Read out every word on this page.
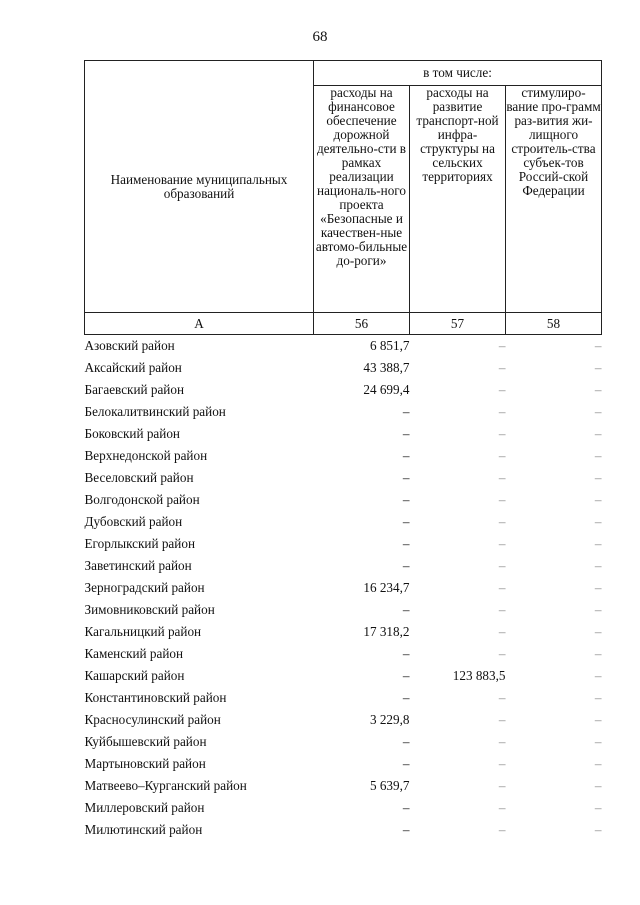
68
Наименование муниципальных образований	в том числе:		
	расходы на финансовое обеспечение дорожной деятельно-сти в рамках реализации националь-ного проекта «Безопасные и качествен-ные автомо-бильные до-роги»	расходы на развитие транспорт-ной инфра-структуры на сельских территориях	стимулиро-вание про-грамм раз-вития жи-лищного строитель-ства субъек-тов Россий-ской Федерации
А	56	57	58
Азовский район	6 851,7	–	–
Аксайский район	43 388,7	–	–
Багаевский район	24 699,4	–	–
Белокалитвинский район	–	–	–
Боковский район	–	–	–
Верхнедонской район	–	–	–
Веселовский район	–	–	–
Волгодонской район	–	–	–
Дубовский район	–	–	–
Егорлыкский район	–	–	–
Заветинский район	–	–	–
Зерноградский район	16 234,7	–	–
Зимовниковский район	–	–	–
Кагальницкий район	17 318,2	–	–
Каменский район	–	–	–
Кашарский район	–	123 883,5	–
Константиновский район	–	–	–
Красносулинский район	3 229,8	–	–
Куйбышевский район	–	–	–
Мартыновский район	–	–	–
Матвеево–Курганский район	5 639,7	–	–
Миллеровский район	–	–	–
Милютинский район	–	–	–
